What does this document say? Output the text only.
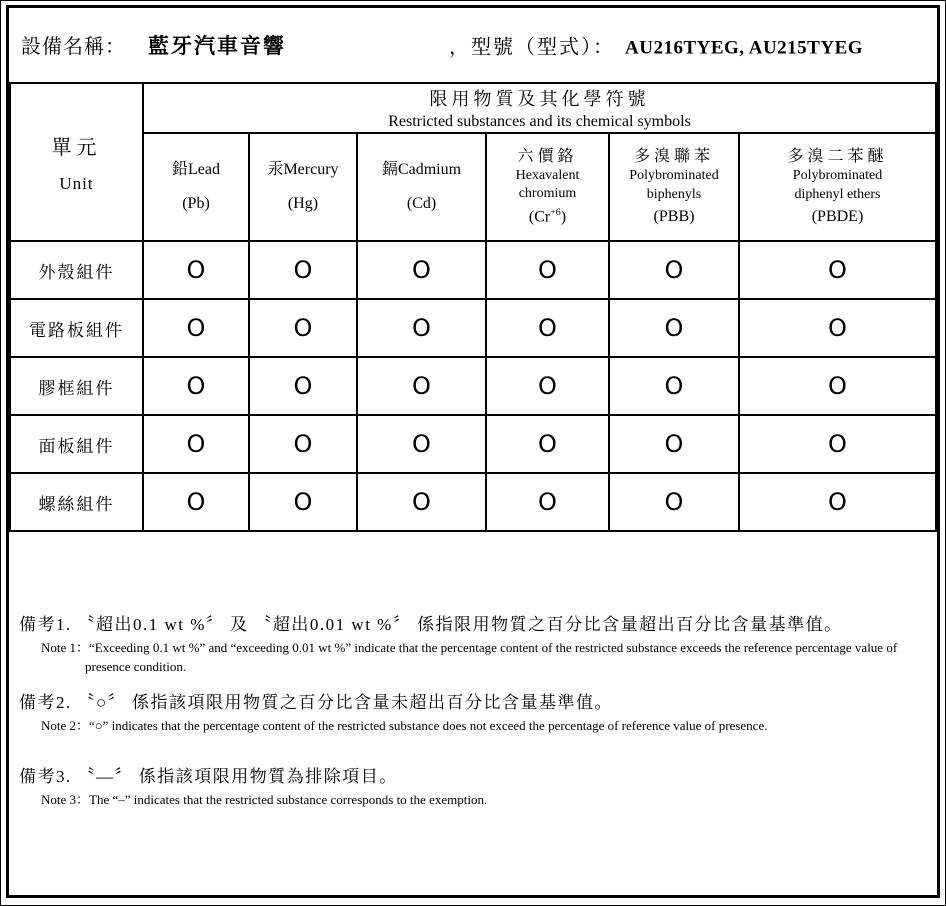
設備名稱： 藍牙汽車音響	，型號（型式）： AU216TYEG, AU215TYEG
單元
Unit

限用物質及其化學符號
Restricted substances and its chemical symbols

鉛Lead
(Pb)

汞Mercury
(Hg)

鎘Cadmium
(Cd)

六價鉻
Hexavalent
chromium
$(Cr^{+6})$

多溴聯苯
Polybrominated
biphenyls
(PBB)

多溴二苯醚
Polybrominated
diphenyl ethers
(PBDE)

外殼組件	O	O	O	O	O	O
電路板組件	O	O	O	O	O	O
膠框組件	O	O	O	O	O	O
面板組件	O	O	O	O	O	O
螺絲組件	O	O	O	O	O	O
備考1. 〝超出0.1 wt %〞 及 〝超出0.01 wt %〞 係指限用物質之百分比含量超出百分比含量基準值。
Note 1：“Exceeding 0.1 wt %” and “exceeding 0.01 wt %” indicate that the percentage content of the restricted substance exceeds the reference percentage value of presence condition.
備考2. 〝○〞 係指該項限用物質之百分比含量未超出百分比含量基準值。
Note 2：“○” indicates that the percentage content of the restricted substance does not exceed the percentage of reference value of presence.
備考3. 〝—〞 係指該項限用物質為排除項目。
Note 3：The “–” indicates that the restricted substance corresponds to the exemption.
